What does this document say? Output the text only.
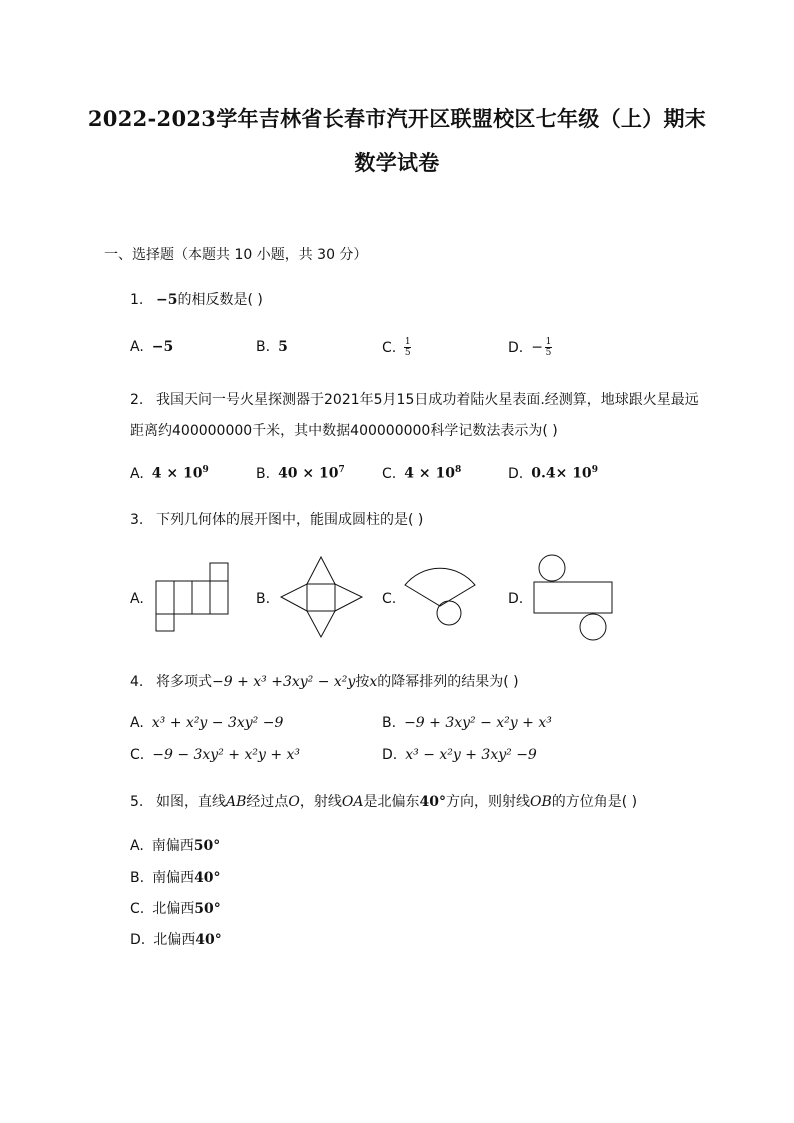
2022-2023学年吉林省长春市汽开区联盟校区七年级（上）期末
数学试卷
一、选择题（本题共 10 小题，共 30 分）
1. −5的相反数是( )
A. −5	B. 5	C. $\frac{1}{5}$	D. − $\frac{1}{5}$
2. 我国天问一号火星探测器于2021年5月15日成功着陆火星表面.经测算，地球跟火星最远
距离约400000000千米，其中数据400000000科学记数法表示为( )
A. $4 \times 10^9$	B. $40 \times 10^7$	C. $4 \times 10^8$	D. $0.4\times 10^9$
3. 下列几何体的展开图中，能围成圆柱的是( )
A.	B.	C.	D.
4. 将多项式−9 + x³ +3xy² − x²y按x的降幂排列的结果为( )
A. x³ + x²y − 3xy² −9	B. −9 + 3xy² − x²y + x³
C. −9 − 3xy² + x²y + x³	D. x³ − x²y + 3xy² −9
5. 如图，直线AB经过点O，射线OA是北偏东40°方向，则射线OB的方位角是( )
A. 南偏西50°
B. 南偏西40°
C. 北偏西50°
D. 北偏西40°
